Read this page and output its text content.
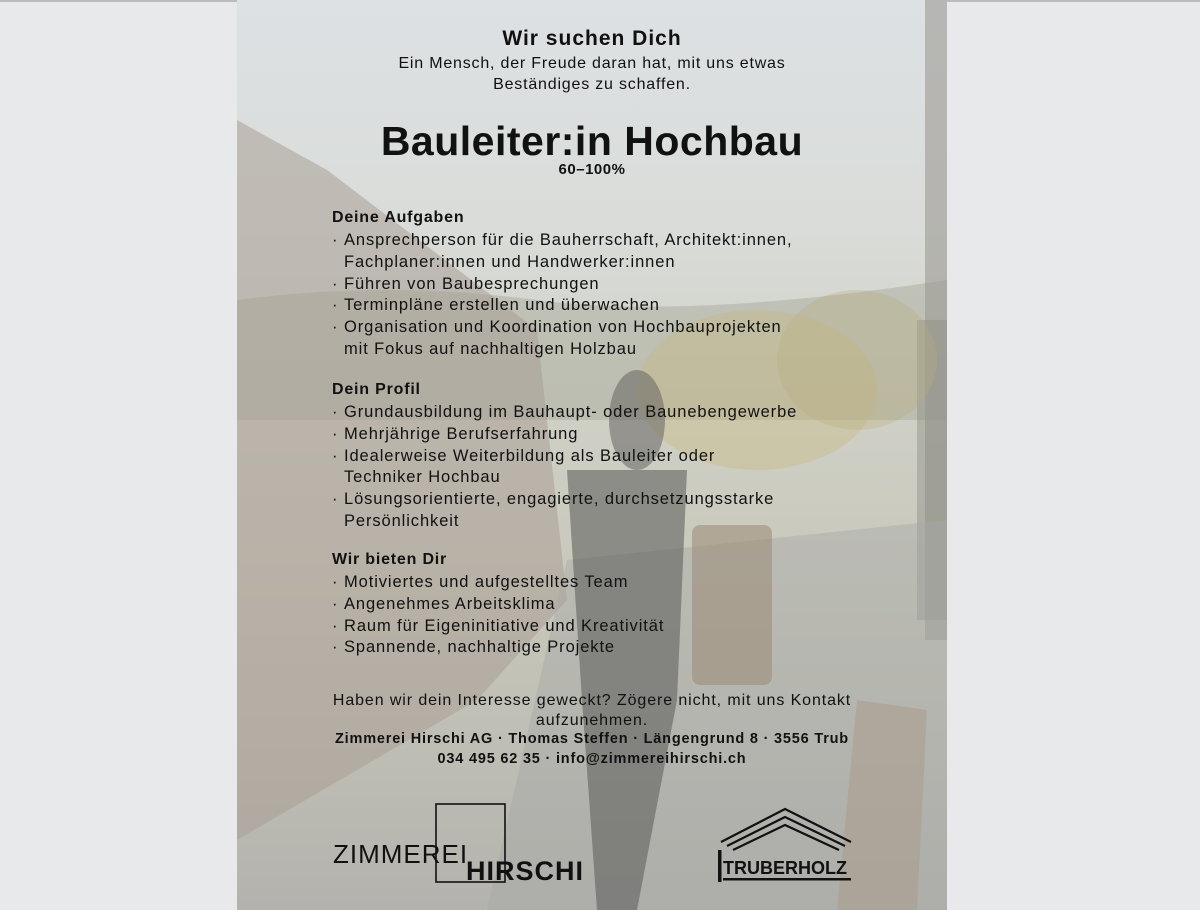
Wir suchen Dich
Ein Mensch, der Freude daran hat, mit uns etwas
Beständiges zu schaffen.
Bauleiter:in Hochbau
60–100%
Deine Aufgaben
· Ansprechperson für die Bauherrschaft, Architekt:innen,
Fachplaner:innen und Handwerker:innen
· Führen von Baubesprechungen
· Terminpläne erstellen und überwachen
· Organisation und Koordination von Hochbauprojekten
mit Fokus auf nachhaltigen Holzbau
Dein Profil
· Grundausbildung im Bauhaupt- oder Baunebengewerbe
· Mehrjährige Berufserfahrung
· Idealerweise Weiterbildung als Bauleiter oder
Techniker Hochbau
· Lösungsorientierte, engagierte, durchsetzungsstarke
Persönlichkeit
Wir bieten Dir
· Motiviertes und aufgestelltes Team
· Angenehmes Arbeitsklima
· Raum für Eigeninitiative und Kreativität
· Spannende, nachhaltige Projekte
Haben wir dein Interesse geweckt? Zögere nicht, mit uns Kontakt aufzunehmen.
Zimmerei Hirschi AG · Thomas Steffen · Längengrund 8 · 3556 Trub
034 495 62 35 · info@zimmereihirschi.ch
ZIMMEREI
HIRSCHI	TRUBERHOLZ
